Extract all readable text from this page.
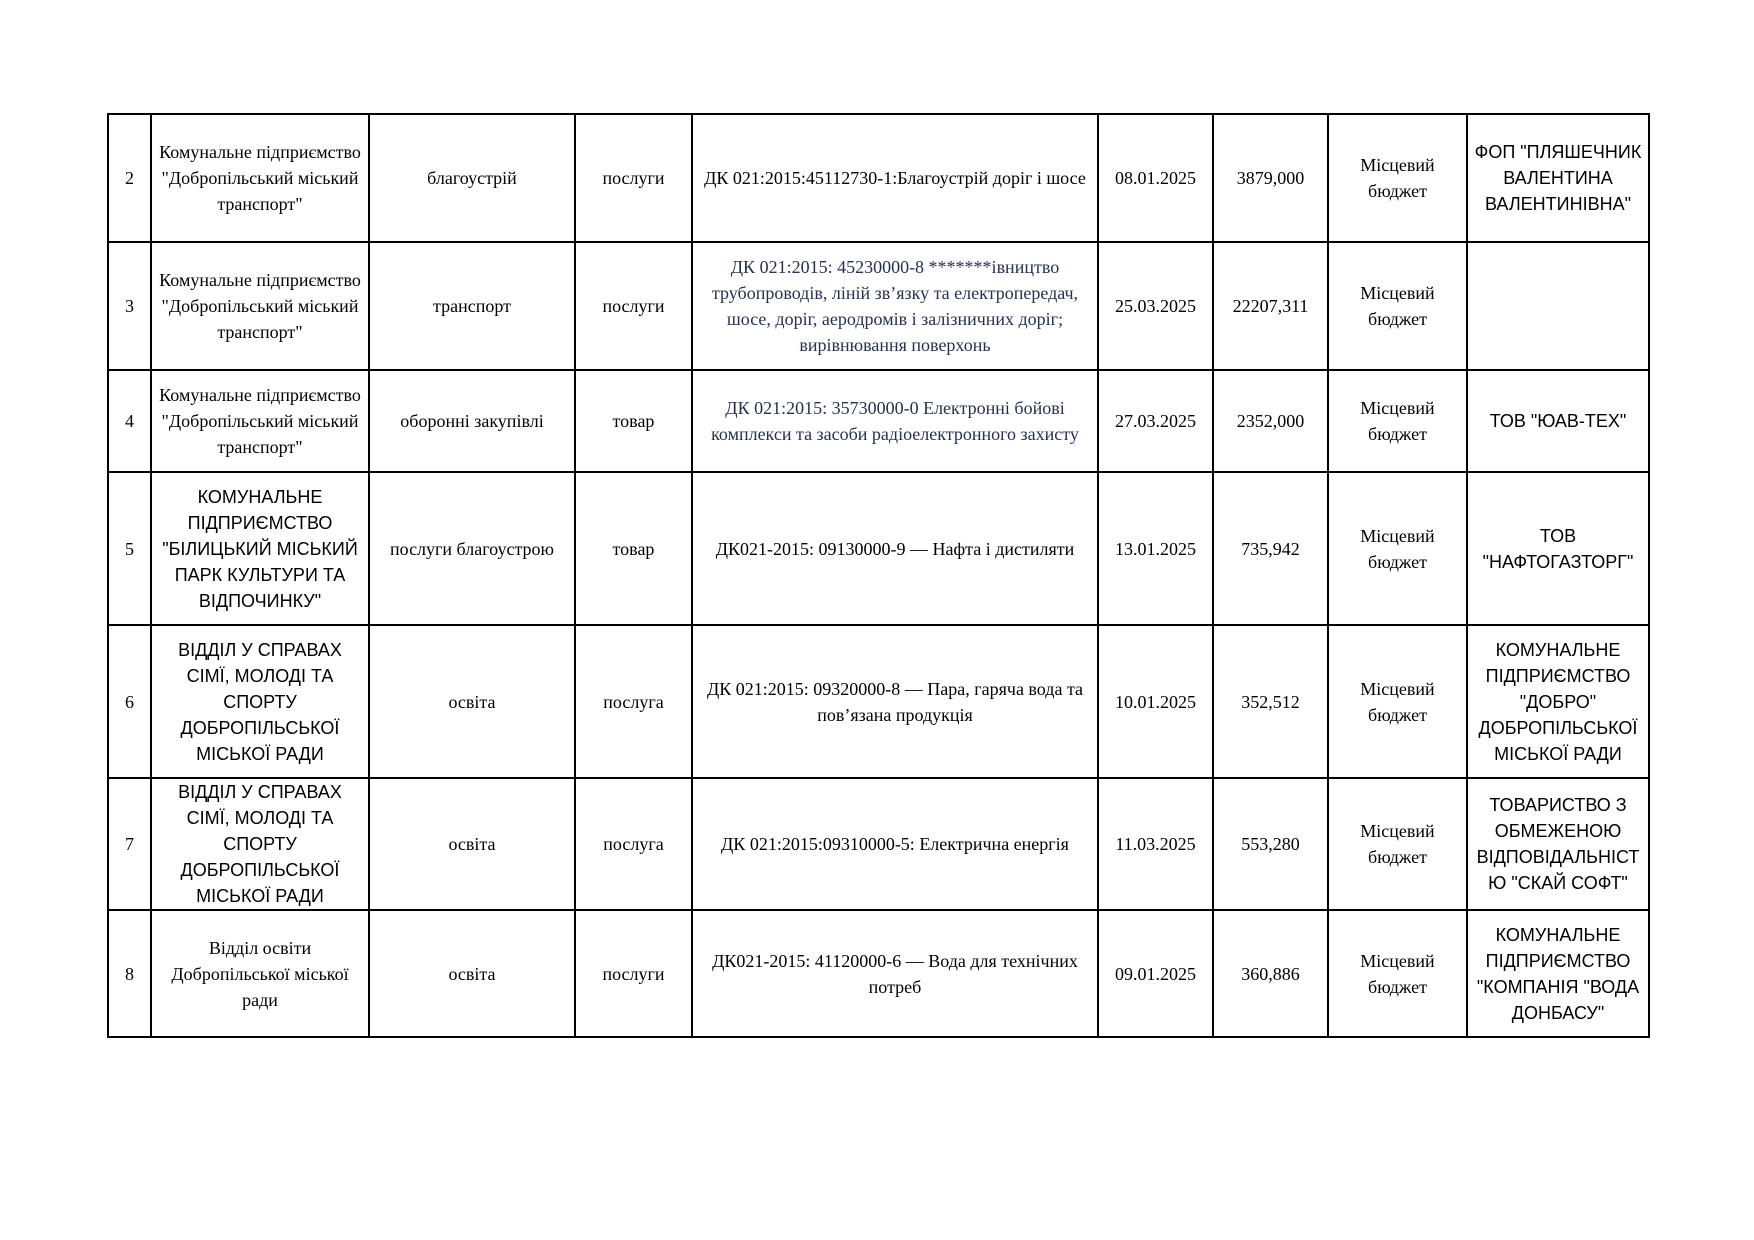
2	Комунальне підприємство "Добропільський міський транспорт"	благоустрій	послуги	ДК 021:2015:45112730-1:Благоустрій доріг і шосе	08.01.2025	3879,000	Місцевий бюджет	ФОП "ПЛЯШЕЧНИК ВАЛЕНТИНА ВАЛЕНТИНІВНА"
3	Комунальне підприємство "Добропільський міський транспорт"	транспорт	послуги	ДК 021:2015: 45230000-8 *******івництво трубопроводів, ліній зв’язку та електропередач, шосе, доріг, аеродромів і залізничних доріг; вирівнювання поверхонь	25.03.2025	22207,311	Місцевий бюджет	
4	Комунальне підприємство "Добропільський міський транспорт"	оборонні закупівлі	товар	ДК 021:2015: 35730000-0 Електронні бойові комплекси та засоби радіоелектронного захисту	27.03.2025	2352,000	Місцевий бюджет	ТОВ "ЮАВ-ТЕХ"
5	КОМУНАЛЬНЕ ПІДПРИЄМСТВО "БІЛИЦЬКИЙ МІСЬКИЙ ПАРК КУЛЬТУРИ ТА ВІДПОЧИНКУ"	послуги благоустрою	товар	ДК021-2015: 09130000-9 — Нафта і дистиляти	13.01.2025	735,942	Місцевий бюджет	ТОВ "НАФТОГАЗТОРГ"
6	ВІДДІЛ У СПРАВАХ СІМЇ, МОЛОДІ ТА СПОРТУ ДОБРОПІЛЬСЬКОЇ МІСЬКОЇ РАДИ	освіта	послуга	ДК 021:2015: 09320000-8 — Пара, гаряча вода та пов’язана продукція	10.01.2025	352,512	Місцевий бюджет	КОМУНАЛЬНЕ ПІДПРИЄМСТВО "ДОБРО" ДОБРОПІЛЬСЬКОЇ МІСЬКОЇ РАДИ
7	ВІДДІЛ У СПРАВАХ СІМЇ, МОЛОДІ ТА СПОРТУ ДОБРОПІЛЬСЬКОЇ МІСЬКОЇ РАДИ	освіта	послуга	ДК 021:2015:09310000-5: Електрична енергія	11.03.2025	553,280	Місцевий бюджет	ТОВАРИСТВО З ОБМЕЖЕНОЮ ВІДПОВІДАЛЬНІСТЮ "СКАЙ СОФТ"
8	Відділ освіти Добропільської міської ради	освіта	послуги	ДК021-2015: 41120000-6 — Вода для технічних потреб	09.01.2025	360,886	Місцевий бюджет	КОМУНАЛЬНЕ ПІДПРИЄМСТВО "КОМПАНІЯ "ВОДА ДОНБАСУ"
